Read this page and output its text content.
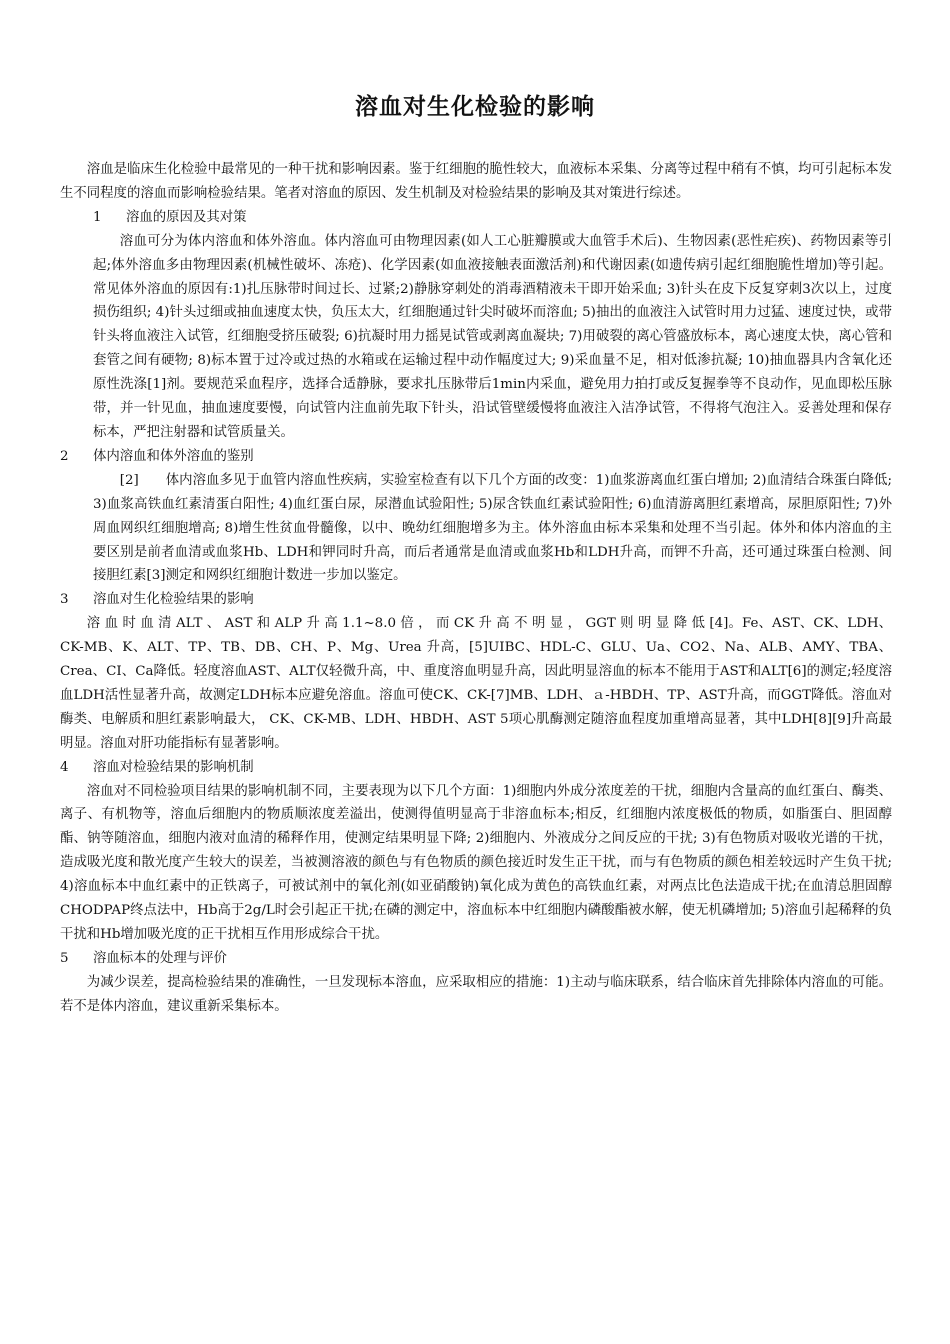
溶血对生化检验的影响

溶血是临床生化检验中最常见的一种干扰和影响因素。鉴于红细胞的脆性较大，血液标本采集、分离等过程中稍有不慎，均可引起标本发生不同程度的溶血而影响检验结果。笔者对溶血的原因、发生机制及对检验结果的影响及其对策进行综述。

1	溶血的原因及其对策

溶血可分为体内溶血和体外溶血。体内溶血可由物理因素(如人工心脏瓣膜或大血管手术后)、生物因素(恶性疟疾)、药物因素等引起;体外溶血多由物理因素(机械性破坏、冻疮)、化学因素(如血液接触表面激活剂)和代谢因素(如遗传病引起红细胞脆性增加)等引起。常见体外溶血的原因有:1)扎压脉带时间过长、过紧;2)静脉穿刺处的消毒酒精液未干即开始采血; 3)针头在皮下反复穿刺3次以上，过度损伤组织; 4)针头过细或抽血速度太快，负压太大，红细胞通过针尖时破坏而溶血; 5)抽出的血液注入试管时用力过猛、速度过快，或带针头将血液注入试管，红细胞受挤压破裂; 6)抗凝时用力摇晃试管或剥离血凝块; 7)用破裂的离心管盛放标本，离心速度太快，离心管和套管之间有硬物; 8)标本置于过冷或过热的水箱或在运输过程中动作幅度过大; 9)采血量不足，相对低渗抗凝; 10)抽血器具内含氧化还原性洗涤[1]剂。要规范采血程序，选择合适静脉，要求扎压脉带后1min内采血，避免用力拍打或反复握拳等不良动作，见血即松压脉带，并一针见血，抽血速度要慢，向试管内注血前先取下针头，沿试管壁缓慢将血液注入洁净试管，不得将气泡注入。妥善处理和保存标本，严把注射器和试管质量关。

2	体内溶血和体外溶血的鉴别

[2]　　体内溶血多见于血管内溶血性疾病，实验室检查有以下几个方面的改变：1)血浆游离血红蛋白增加; 2)血清结合珠蛋白降低; 3)血浆高铁血红素清蛋白阳性; 4)血红蛋白尿，尿潜血试验阳性; 5)尿含铁血红素试验阳性; 6)血清游离胆红素增高，尿胆原阳性; 7)外周血网织红细胞增高; 8)增生性贫血骨髓像，以中、晚幼红细胞增多为主。体外溶血由标本采集和处理不当引起。体外和体内溶血的主要区别是前者血清或血浆Hb、LDH和钾同时升高，而后者通常是血清或血浆Hb和LDH升高，而钾不升高，还可通过珠蛋白检测、间接胆红素[3]测定和网织红细胞计数进一步加以鉴定。

3	溶血对生化检验结果的影响

溶 血 时 血 清 ALT 、 AST 和 ALP 升 高 1.1~8.0 倍 ， 而 CK 升 高 不 明 显 ， GGT 则 明 显 降 低 [4]。Fe、AST、CK、LDH、CK-MB、K、ALT、TP、TB、DB、CH、P、Mg、Urea 升高，[5]UIBC、HDL-C、GLU、Ua、CO2、Na、ALB、AMY、TBA、Crea、CI、Ca降低。轻度溶血AST、ALT仅轻微升高，中、重度溶血明显升高，因此明显溶血的标本不能用于AST和ALT[6]的测定;轻度溶血LDH活性显著升高，故测定LDH标本应避免溶血。溶血可使CK、CK-[7]MB、LDH、ａ-HBDH、TP、AST升高，而GGT降低。溶血对酶类、电解质和胆红素影响最大， CK、CK-MB、LDH、HBDH、AST 5项心肌酶测定随溶血程度加重增高显著，其中LDH[8][9]升高最明显。溶血对肝功能指标有显著影响。

4	溶血对检验结果的影响机制

溶血对不同检验项目结果的影响机制不同，主要表现为以下几个方面：1)细胞内外成分浓度差的干扰，细胞内含量高的血红蛋白、酶类、离子、有机物等，溶血后细胞内的物质顺浓度差溢出，使测得值明显高于非溶血标本;相反，红细胞内浓度极低的物质，如脂蛋白、胆固醇酯、钠等随溶血，细胞内液对血清的稀释作用，使测定结果明显下降; 2)细胞内、外液成分之间反应的干扰; 3)有色物质对吸收光谱的干扰，造成吸光度和散光度产生较大的误差，当被测溶液的颜色与有色物质的颜色接近时发生正干扰，而与有色物质的颜色相差较远时产生负干扰; 4)溶血标本中血红素中的正铁离子，可被试剂中的氧化剂(如亚硝酸钠)氧化成为黄色的高铁血红素，对两点比色法造成干扰;在血清总胆固醇CHODPAP终点法中，Hb高于2g/L时会引起正干扰;在磷的测定中，溶血标本中红细胞内磷酸酯被水解，使无机磷增加; 5)溶血引起稀释的负干扰和Hb增加吸光度的正干扰相互作用形成综合干扰。

5	溶血标本的处理与评价

为减少误差，提高检验结果的准确性，一旦发现标本溶血，应采取相应的措施：1)主动与临床联系，结合临床首先排除体内溶血的可能。若不是体内溶血，建议重新采集标本。
